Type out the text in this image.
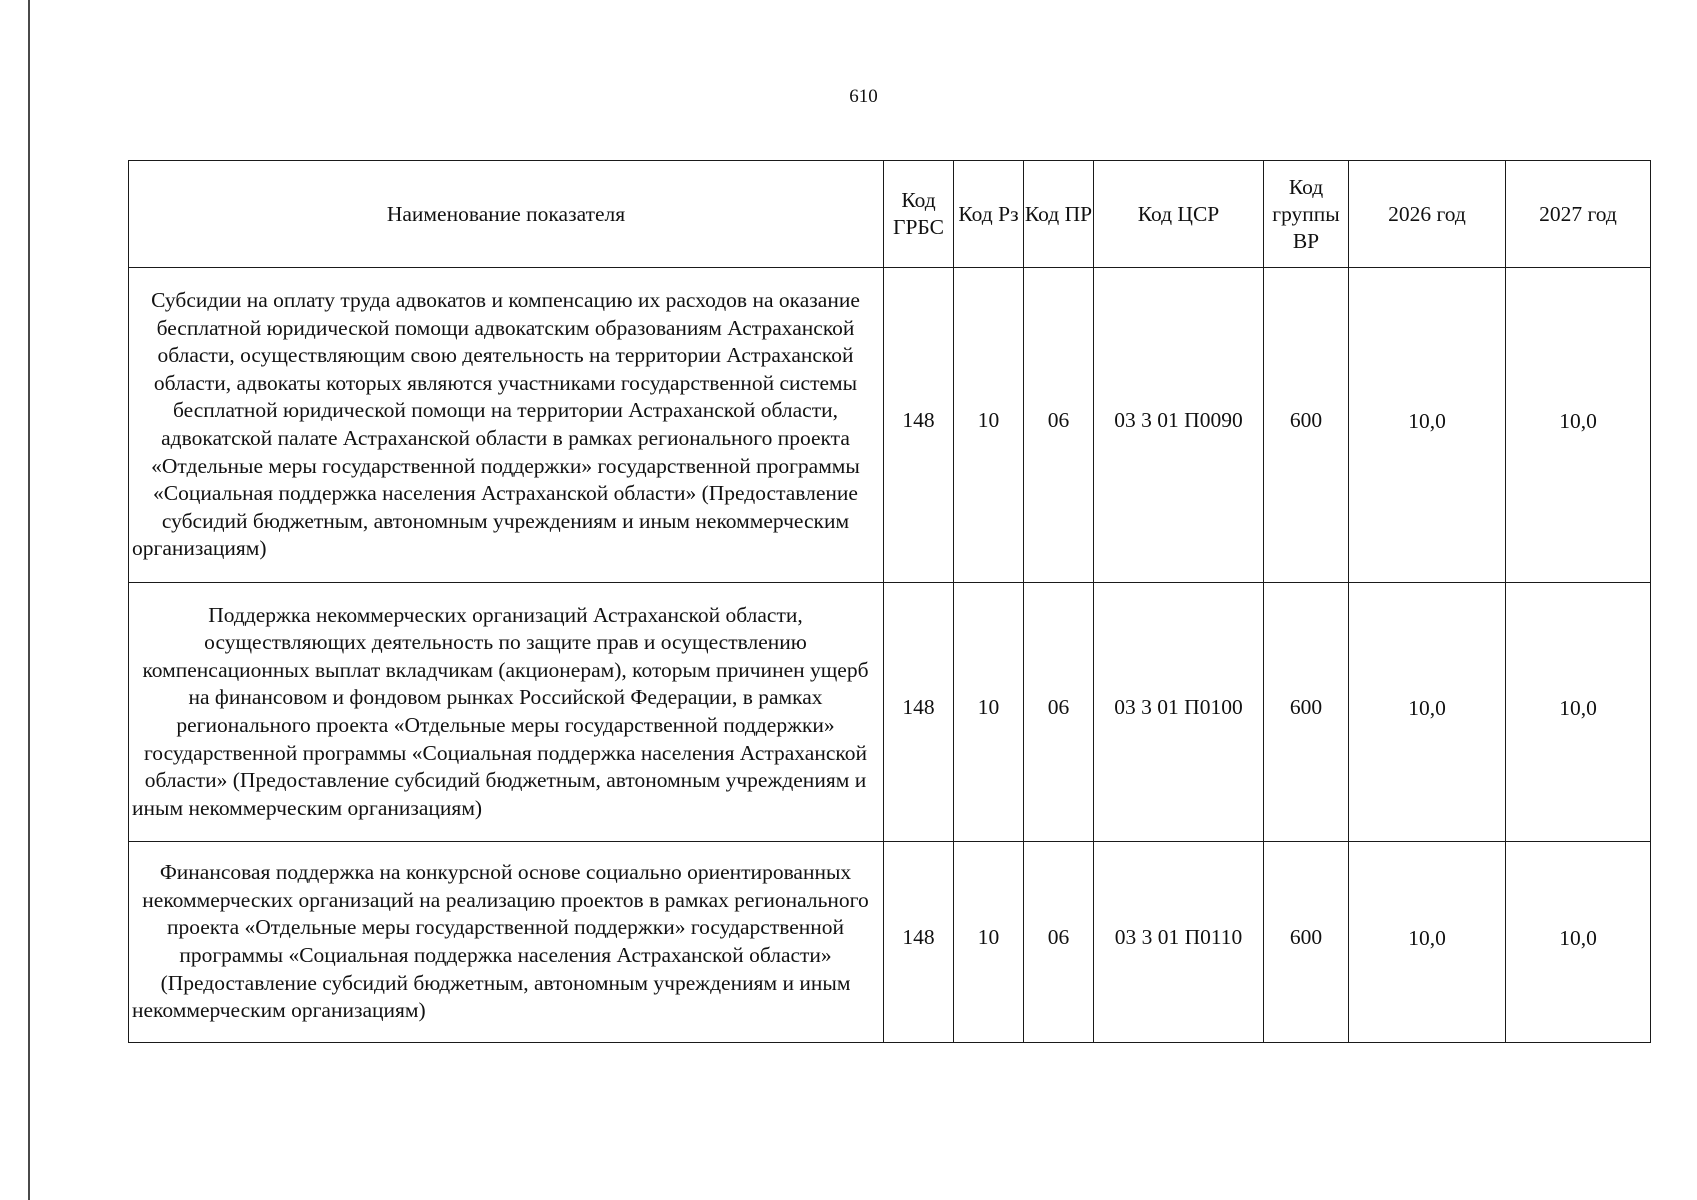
610
Наименование показателя	Код ГРБС	Код Рз	Код ПР	Код ЦСР	Код группы ВР	2026 год	2027 год
Субсидии на оплату труда адвокатов и компенсацию их расходов на оказание бесплатной юридической помощи адвокатским образованиям Астраханской области, осуществляющим свою деятельность на территории Астраханской области, адвокаты которых являются участниками государственной системы бесплатной юридической помощи на территории Астраханской области, адвокатской палате Астраханской области в рамках регионального проекта «Отдельные меры государственной поддержки» государственной программы «Социальная поддержка населения Астраханской области» (Предоставление субсидий бюджетным, автономным учреждениям и иным некоммерческим организациям)	148	10	06	03 3 01 П0090	600	10,0	10,0
Поддержка некоммерческих организаций Астраханской области, осуществляющих деятельность по защите прав и осуществлению компенсационных выплат вкладчикам (акционерам), которым причинен ущерб на финансовом и фондовом рынках Российской Федерации, в рамках регионального проекта «Отдельные меры государственной поддержки» государственной программы «Социальная поддержка населения Астраханской области» (Предоставление субсидий бюджетным, автономным учреждениям и иным некоммерческим организациям)	148	10	06	03 3 01 П0100	600	10,0	10,0
Финансовая поддержка на конкурсной основе социально ориентированных некоммерческих организаций на реализацию проектов в рамках регионального проекта «Отдельные меры государственной поддержки» государственной программы «Социальная поддержка населения Астраханской области» (Предоставление субсидий бюджетным, автономным учреждениям и иным некоммерческим организациям)	148	10	06	03 3 01 П0110	600	10,0	10,0
